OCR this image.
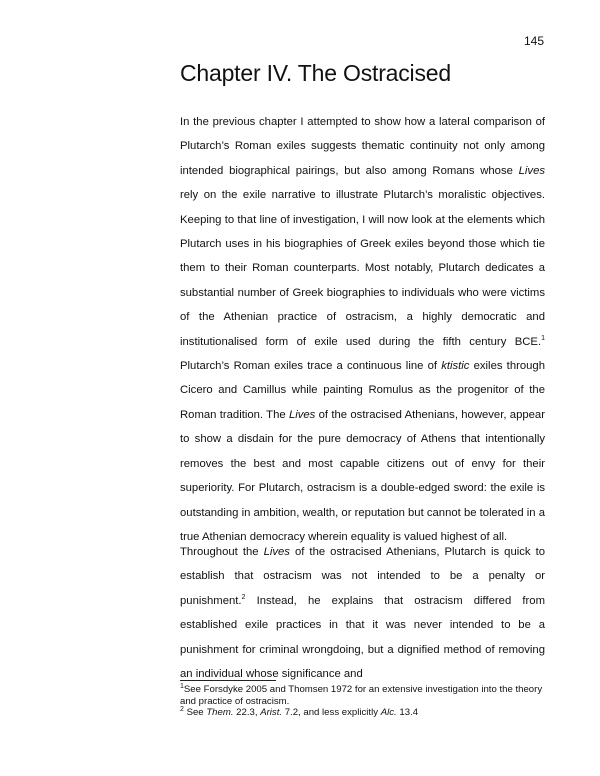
145
Chapter IV. The Ostracised

In the previous chapter I attempted to show how a lateral comparison of Plutarch’s Roman exiles suggests thematic continuity not only among intended biographical pairings, but also among Romans whose Lives rely on the exile narrative to illustrate Plutarch’s moralistic objectives. Keeping to that line of investigation, I will now look at the elements which Plutarch uses in his biographies of Greek exiles beyond those which tie them to their Roman counterparts. Most notably, Plutarch dedicates a substantial number of Greek biographies to individuals who were victims of the Athenian practice of ostracism, a highly democratic and institutionalised form of exile used during the fifth century BCE.$^1$ Plutarch’s Roman exiles trace a continuous line of ktistic exiles through Cicero and Camillus while painting Romulus as the progenitor of the Roman tradition. The Lives of the ostracised Athenians, however, appear to show a disdain for the pure democracy of Athens that intentionally removes the best and most capable citizens out of envy for their superiority. For Plutarch, ostracism is a double-edged sword: the exile is outstanding in ambition, wealth, or reputation but cannot be tolerated in a true Athenian democracy wherein equality is valued highest of all.

Throughout the Lives of the ostracised Athenians, Plutarch is quick to establish that ostracism was not intended to be a penalty or punishment.$^2$ Instead, he explains that ostracism differed from established exile practices in that it was never intended to be a punishment for criminal wrongdoing, but a dignified method of removing an individual whose significance and

$^1$See Forsdyke 2005 and Thomsen 1972 for an extensive investigation into the theory and practice of ostracism.

$^2$ See Them. 22.3, Arist. 7.2, and less explicitly Alc. 13.4
